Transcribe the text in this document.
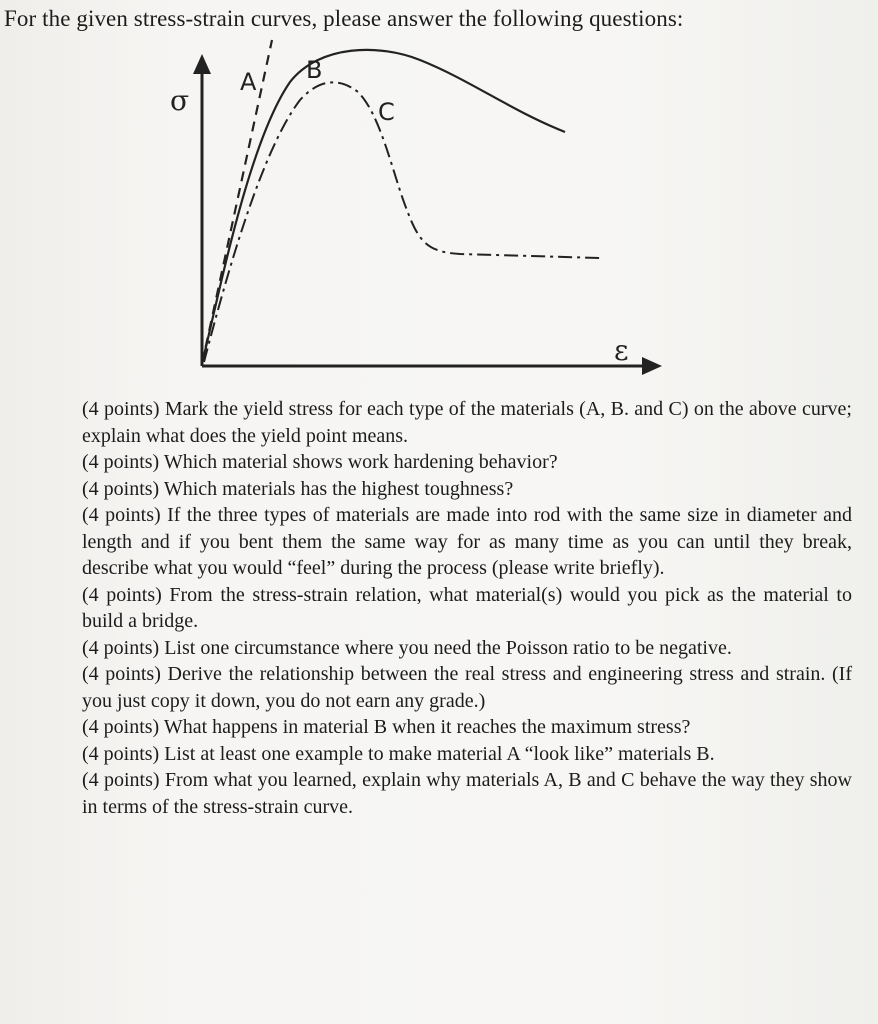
For the given stress-strain curves, please answer the following questions:
A B
C
σ
ε

(4 points) Mark the yield stress for each type of the materials (A, B. and C) on the above curve; explain what does the yield point means.

(4 points) Which material shows work hardening behavior?

(4 points) Which materials has the highest toughness?

(4 points) If the three types of materials are made into rod with the same size in diameter and length and if you bent them the same way for as many time as you can until they break, describe what you would “feel” during the process (please write briefly).

(4 points) From the stress-strain relation, what material(s) would you pick as the material to build a bridge.

(4 points) List one circumstance where you need the Poisson ratio to be negative.

(4 points) Derive the relationship between the real stress and engineering stress and strain. (If you just copy it down, you do not earn any grade.)

(4 points) What happens in material B when it reaches the maximum stress?

(4 points) List at least one example to make material A “look like” materials B.

(4 points) From what you learned, explain why materials A, B and C behave the way they show in terms of the stress-strain curve.
